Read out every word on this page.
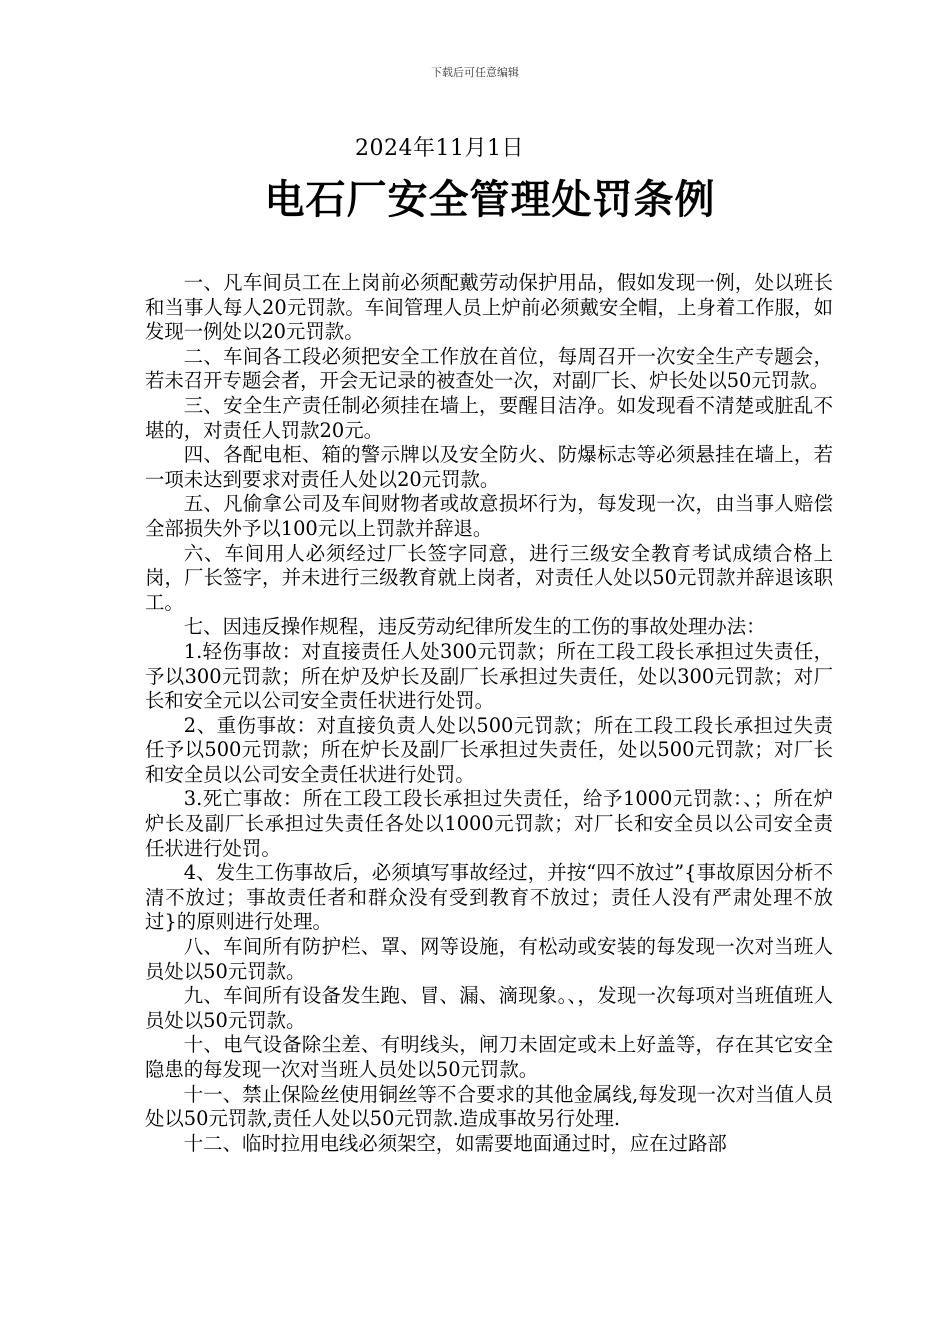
下载后可任意编辑
2024年11月1日
电石厂安全管理处罚条例

一、凡车间员工在上岗前必须配戴劳动保护用品，假如发现一例，处以班长和当事人每人20元罚款。车间管理人员上炉前必须戴安全帽，上身着工作服，如发现一例处以20元罚款。

二、车间各工段必须把安全工作放在首位，每周召开一次安全生产专题会，若未召开专题会者，开会无记录的被查处一次，对副厂长、炉长处以50元罚款。

三、安全生产责任制必须挂在墙上，要醒目洁净。如发现看不清楚或脏乱不堪的，对责任人罚款20元。

四、各配电柜、箱的警示牌以及安全防火、防爆标志等必须悬挂在墙上，若一项未达到要求对责任人处以20元罚款。

五、凡偷拿公司及车间财物者或故意损坏行为，每发现一次，由当事人赔偿全部损失外予以100元以上罚款并辞退。

六、车间用人必须经过厂长签字同意，进行三级安全教育考试成绩合格上岗，厂长签字，并未进行三级教育就上岗者，对责任人处以50元罚款并辞退该职工。

七、因违反操作规程，违反劳动纪律所发生的工伤的事故处理办法：

1.轻伤事故：对直接责任人处300元罚款；所在工段工段长承担过失责任，予以300元罚款；所在炉及炉长及副厂长承担过失责任，处以300元罚款；对厂长和安全元以公司安全责任状进行处罚。

2、重伤事故：对直接负责人处以500元罚款；所在工段工段长承担过失责任予以500元罚款；所在炉长及副厂长承担过失责任，处以500元罚款；对厂长和安全员以公司安全责任状进行处罚。

3.死亡事故：所在工段工段长承担过失责任，给予1000元罚款：、；所在炉炉长及副厂长承担过失责任各处以1000元罚款；对厂长和安全员以公司安全责任状进行处罚。

4、发生工伤事故后，必须填写事故经过，并按“四不放过”{事故原因分析不清不放过；事故责任者和群众没有受到教育不放过；责任人没有严肃处理不放过}的原则进行处理。

八、车间所有防护栏、罩、网等设施，有松动或安装的每发现一次对当班人员处以50元罚款。

九、车间所有设备发生跑、冒、漏、滴现象。、，发现一次每项对当班值班人员处以50元罚款。

十、电气设备除尘差、有明线头，闸刀未固定或未上好盖等，存在其它安全隐患的每发现一次对当班人员处以50元罚款。

十一、禁止保险丝使用铜丝等不合要求的其他金属线,每发现一次对当值人员处以50元罚款,责任人处以50元罚款.造成事故另行处理.

十二、临时拉用电线必须架空，如需要地面通过时，应在过路部
